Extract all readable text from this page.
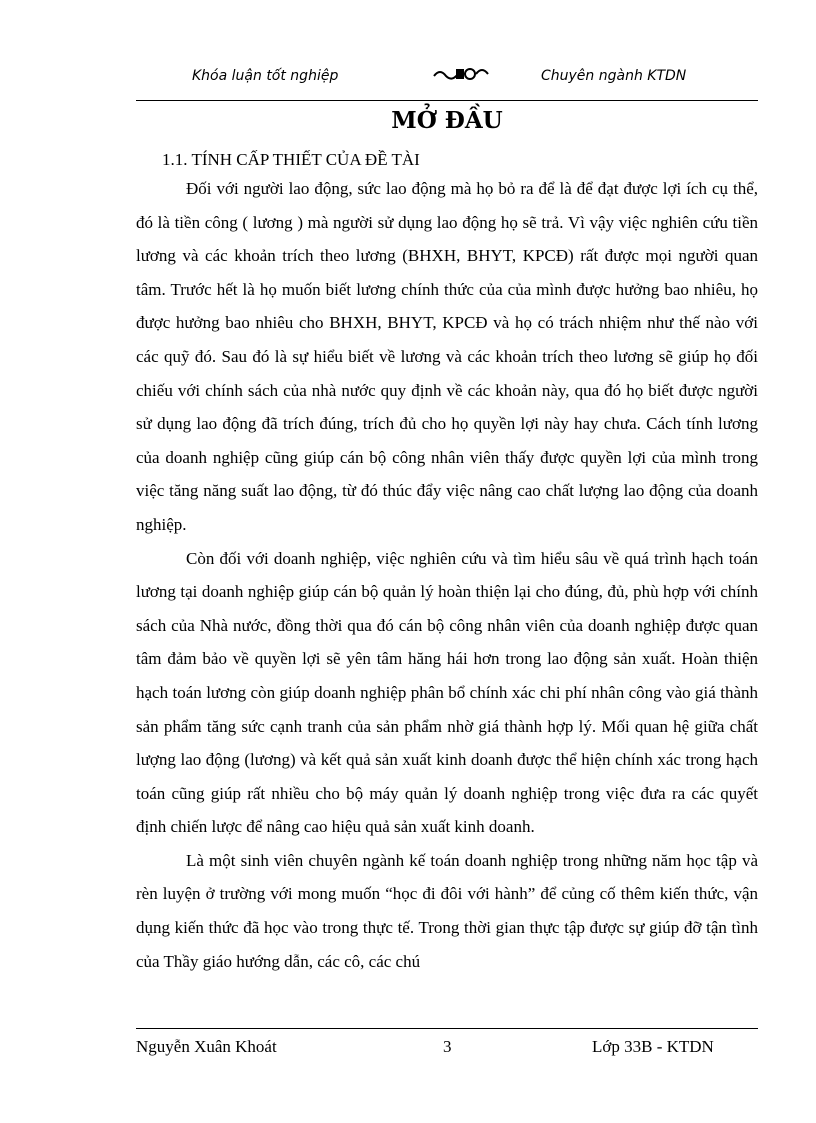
Khóa luận tốt nghiệp	Chuyên ngành KTDN
MỞ ĐẦU
1.1. TÍNH CẤP THIẾT CỦA ĐỀ TÀI

Đối với người lao động, sức lao động mà họ bỏ ra để là để đạt được lợi ích cụ thể, đó là tiền công ( lương ) mà người sử dụng lao động họ sẽ trả. Vì vậy việc nghiên cứu tiền lương và các khoản trích theo lương (BHXH, BHYT, KPCĐ) rất được mọi người quan tâm. Trước hết là họ muốn biết lương chính thức của của mình được hưởng bao nhiêu, họ được hưởng bao nhiêu cho BHXH, BHYT, KPCĐ và họ có trách nhiệm như thế nào với các quỹ đó. Sau đó là sự hiểu biết về lương và các khoản trích theo lương sẽ giúp họ đối chiếu với chính sách của nhà nước quy định về các khoản này, qua đó họ biết được người sử dụng lao động đã trích đúng, trích đủ cho họ quyền lợi này hay chưa. Cách tính lương của doanh nghiệp cũng giúp cán bộ công nhân viên thấy được quyền lợi của mình trong việc tăng năng suất lao động, từ đó thúc đẩy việc nâng cao chất lượng lao động của doanh nghiệp.

Còn đối với doanh nghiệp, việc nghiên cứu và tìm hiểu sâu về quá trình hạch toán lương tại doanh nghiệp giúp cán bộ quản lý hoàn thiện lại cho đúng, đủ, phù hợp với chính sách của Nhà nước, đồng thời qua đó cán bộ công nhân viên của doanh nghiệp được quan tâm đảm bảo về quyền lợi sẽ yên tâm hăng hái hơn trong lao động sản xuất. Hoàn thiện hạch toán lương còn giúp doanh nghiệp phân bổ chính xác chi phí nhân công vào giá thành sản phẩm tăng sức cạnh tranh của sản phẩm nhờ giá thành hợp lý. Mối quan hệ giữa chất lượng lao động (lương) và kết quả sản xuất kinh doanh được thể hiện chính xác trong hạch toán cũng giúp rất nhiều cho bộ máy quản lý doanh nghiệp trong việc đưa ra các quyết định chiến lược để nâng cao hiệu quả sản xuất kinh doanh.

Là một sinh viên chuyên ngành kế toán doanh nghiệp trong những năm học tập và rèn luyện ở trường với mong muốn “học đi đôi với hành” để củng cố thêm kiến thức, vận dụng kiến thức đã học vào trong thực tế. Trong thời gian thực tập được sự giúp đỡ tận tình của Thầy giáo hướng dẫn, các cô, các chú

Nguyễn Xuân Khoát	3	Lớp 33B - KTDN
